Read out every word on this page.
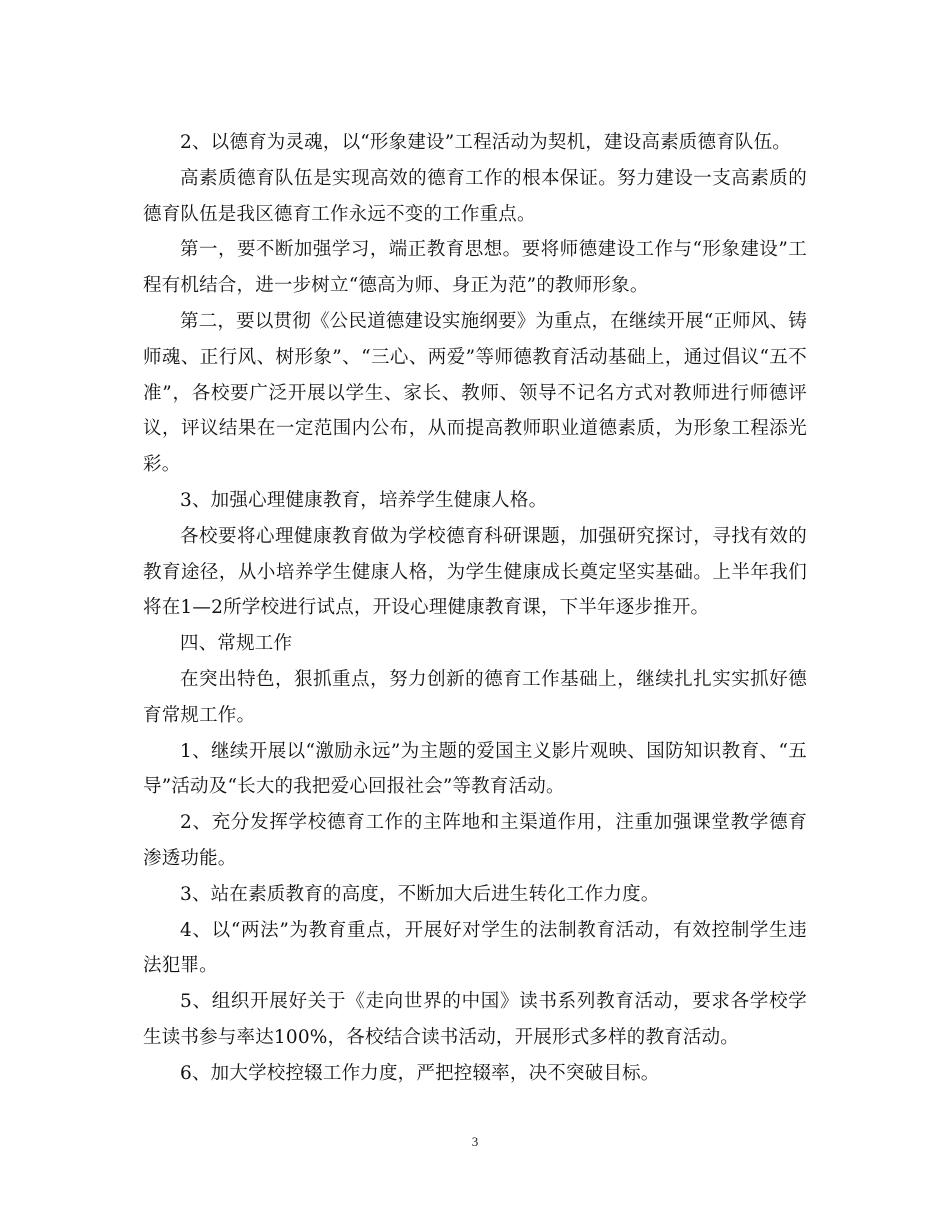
2、以德育为灵魂，以“形象建设”工程活动为契机，建设高素质德育队伍。

高素质德育队伍是实现高效的德育工作的根本保证。努力建设一支高素质的德育队伍是我区德育工作永远不变的工作重点。

第一，要不断加强学习，端正教育思想。要将师德建设工作与“形象建设”工程有机结合，进一步树立“德高为师、身正为范”的教师形象。

第二，要以贯彻《公民道德建设实施纲要》为重点，在继续开展“正师风、铸师魂、正行风、树形象”、“三心、两爱”等师德教育活动基础上，通过倡议“五不准”，各校要广泛开展以学生、家长、教师、领导不记名方式对教师进行师德评议，评议结果在一定范围内公布，从而提高教师职业道德素质，为形象工程添光彩。

3、加强心理健康教育，培养学生健康人格。

各校要将心理健康教育做为学校德育科研课题，加强研究探讨，寻找有效的教育途径，从小培养学生健康人格，为学生健康成长奠定坚实基础。上半年我们将在1—2所学校进行试点，开设心理健康教育课，下半年逐步推开。

四、常规工作

在突出特色，狠抓重点，努力创新的德育工作基础上，继续扎扎实实抓好德育常规工作。

1、继续开展以“激励永远”为主题的爱国主义影片观映、国防知识教育、“五导”活动及“长大的我把爱心回报社会”等教育活动。

2、充分发挥学校德育工作的主阵地和主渠道作用，注重加强课堂教学德育渗透功能。

3、站在素质教育的高度，不断加大后进生转化工作力度。

4、以“两法”为教育重点，开展好对学生的法制教育活动，有效控制学生违法犯罪。

5、组织开展好关于《走向世界的中国》读书系列教育活动，要求各学校学生读书参与率达100%，各校结合读书活动，开展形式多样的教育活动。

6、加大学校控辍工作力度，严把控辍率，决不突破目标。

3
